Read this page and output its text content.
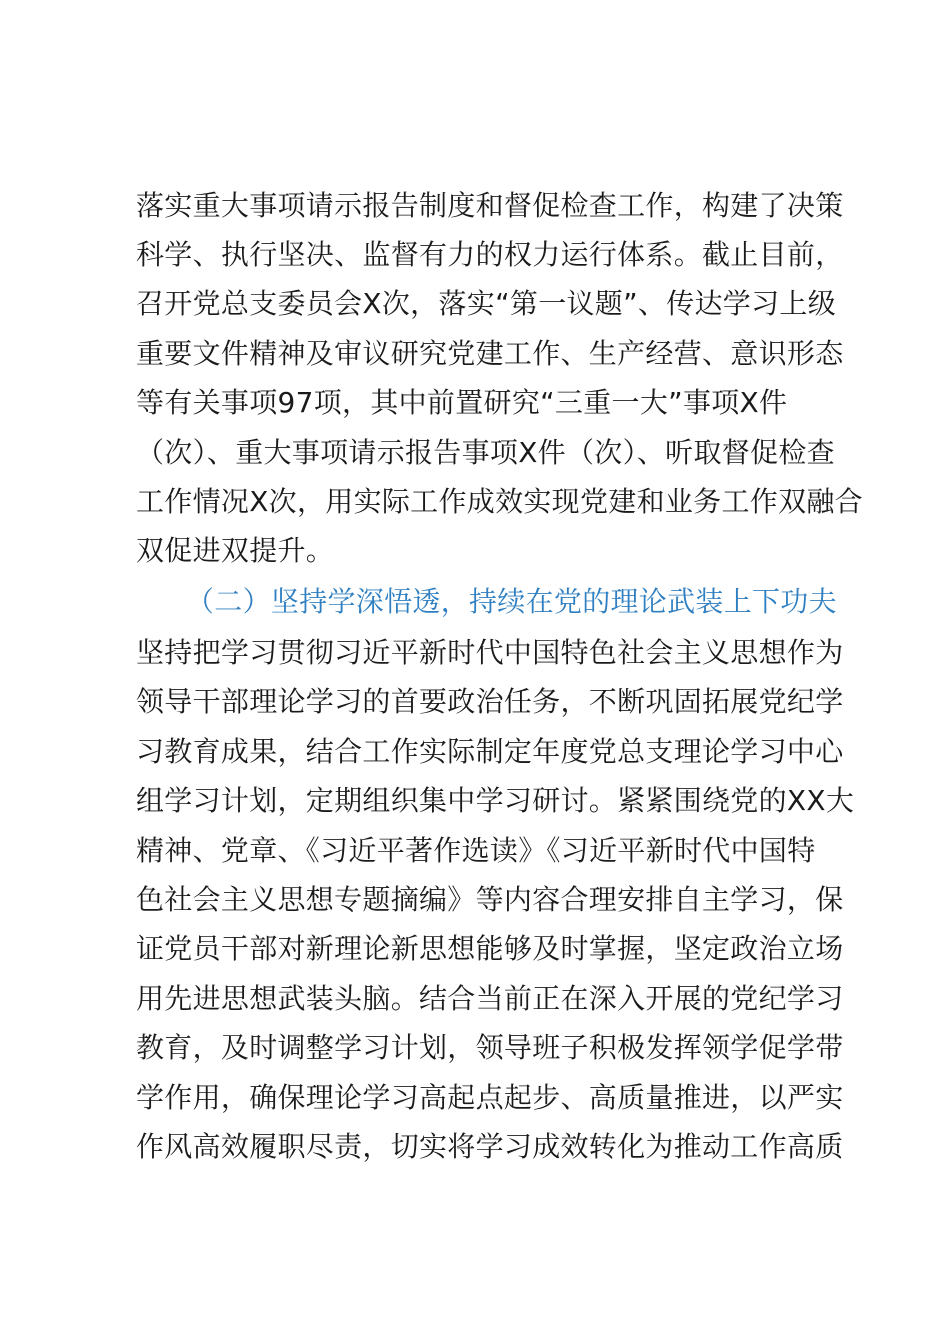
落实重大事项请示报告制度和督促检查工作，构建了决策
科学、执行坚决、监督有力的权力运行体系。截止目前，
召开党总支委员会X次，落实“第一议题”、传达学习上级
重要文件精神及审议研究党建工作、生产经营、意识形态
等有关事项97项，其中前置研究“三重一大”事项X件
（次）、重大事项请示报告事项X件（次）、听取督促检查
工作情况X次，用实际工作成效实现党建和业务工作双融合
双促进双提升。
（二）坚持学深悟透，持续在党的理论武装上下功夫
坚持把学习贯彻习近平新时代中国特色社会主义思想作为
领导干部理论学习的首要政治任务，不断巩固拓展党纪学
习教育成果，结合工作实际制定年度党总支理论学习中心
组学习计划，定期组织集中学习研讨。紧紧围绕党的XX大
精神、党章、《习近平著作选读》《习近平新时代中国特
色社会主义思想专题摘编》等内容合理安排自主学习，保
证党员干部对新理论新思想能够及时掌握，坚定政治立场
用先进思想武装头脑。结合当前正在深入开展的党纪学习
教育，及时调整学习计划，领导班子积极发挥领学促学带
学作用，确保理论学习高起点起步、高质量推进，以严实
作风高效履职尽责，切实将学习成效转化为推动工作高质
